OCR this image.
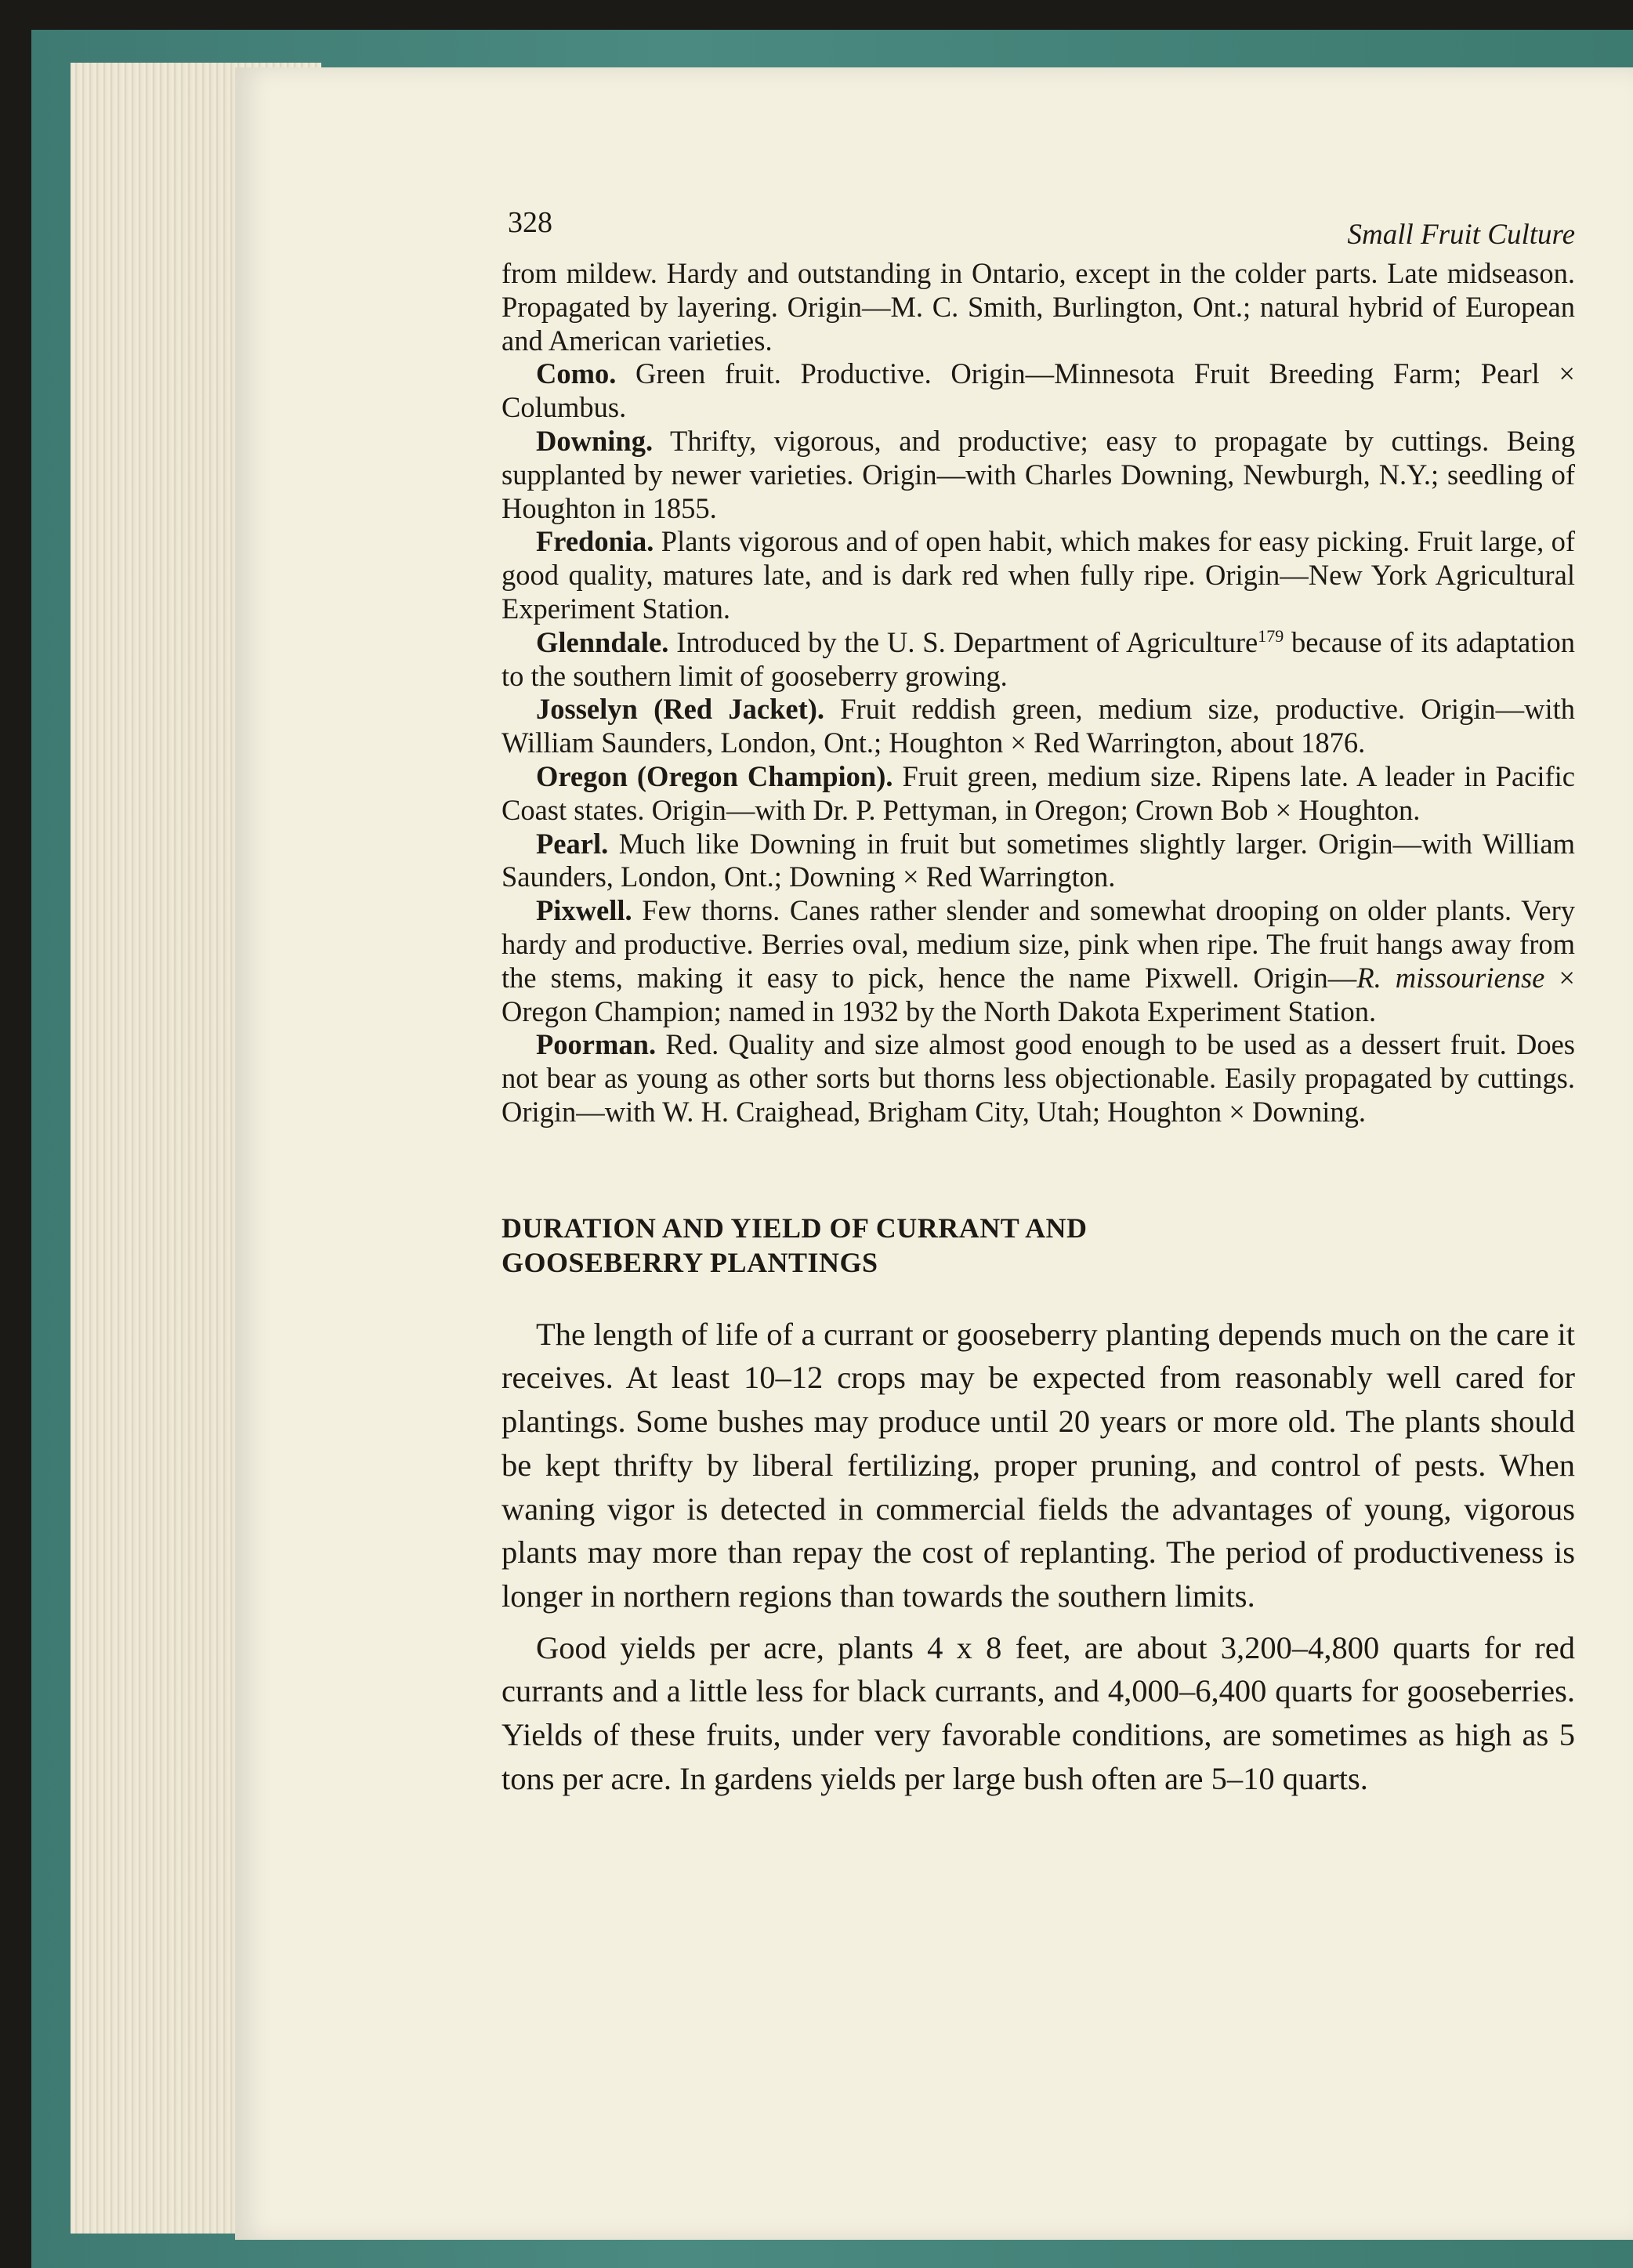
328	Small Fruit Culture

from mildew. Hardy and outstanding in Ontario, except in the colder parts. Late midseason. Propagated by layering. Origin—M. C. Smith, Burlington, Ont.; natural hybrid of European and American varieties.

Como. Green fruit. Productive. Origin—Minnesota Fruit Breeding Farm; Pearl × Columbus.

Downing. Thrifty, vigorous, and productive; easy to propagate by cuttings. Being supplanted by newer varieties. Origin—with Charles Downing, Newburgh, N.Y.; seedling of Houghton in 1855.

Fredonia. Plants vigorous and of open habit, which makes for easy picking. Fruit large, of good quality, matures late, and is dark red when fully ripe. Origin—New York Agricultural Experiment Station.

Glenndale. Introduced by the U. S. Department of Agriculture$^{179}$ because of its adaptation to the southern limit of gooseberry growing.

Josselyn (Red Jacket). Fruit reddish green, medium size, productive. Origin—with William Saunders, London, Ont.; Houghton × Red Warrington, about 1876.

Oregon (Oregon Champion). Fruit green, medium size. Ripens late. A leader in Pacific Coast states. Origin—with Dr. P. Pettyman, in Oregon; Crown Bob × Houghton.

Pearl. Much like Downing in fruit but sometimes slightly larger. Origin—with William Saunders, London, Ont.; Downing × Red Warrington.

Pixwell. Few thorns. Canes rather slender and somewhat drooping on older plants. Very hardy and productive. Berries oval, medium size, pink when ripe. The fruit hangs away from the stems, making it easy to pick, hence the name Pixwell. Origin—R. missouriense × Oregon Champion; named in 1932 by the North Dakota Experiment Station.

Poorman. Red. Quality and size almost good enough to be used as a dessert fruit. Does not bear as young as other sorts but thorns less objectionable. Easily propagated by cuttings. Origin—with W. H. Craighead, Brigham City, Utah; Houghton × Downing.

DURATION AND YIELD OF CURRANT AND GOOSEBERRY PLANTINGS

The length of life of a currant or gooseberry planting depends much on the care it receives. At least 10–12 crops may be expected from reasonably well cared for plantings. Some bushes may produce until 20 years or more old. The plants should be kept thrifty by liberal fertilizing, proper pruning, and control of pests. When waning vigor is detected in commercial fields the advantages of young, vigorous plants may more than repay the cost of replanting. The period of productiveness is longer in northern regions than towards the southern limits.

Good yields per acre, plants 4 x 8 feet, are about 3,200–4,800 quarts for red currants and a little less for black currants, and 4,000–6,400 quarts for gooseberries. Yields of these fruits, under very favorable conditions, are sometimes as high as 5 tons per acre. In gardens yields per large bush often are 5–10 quarts.
